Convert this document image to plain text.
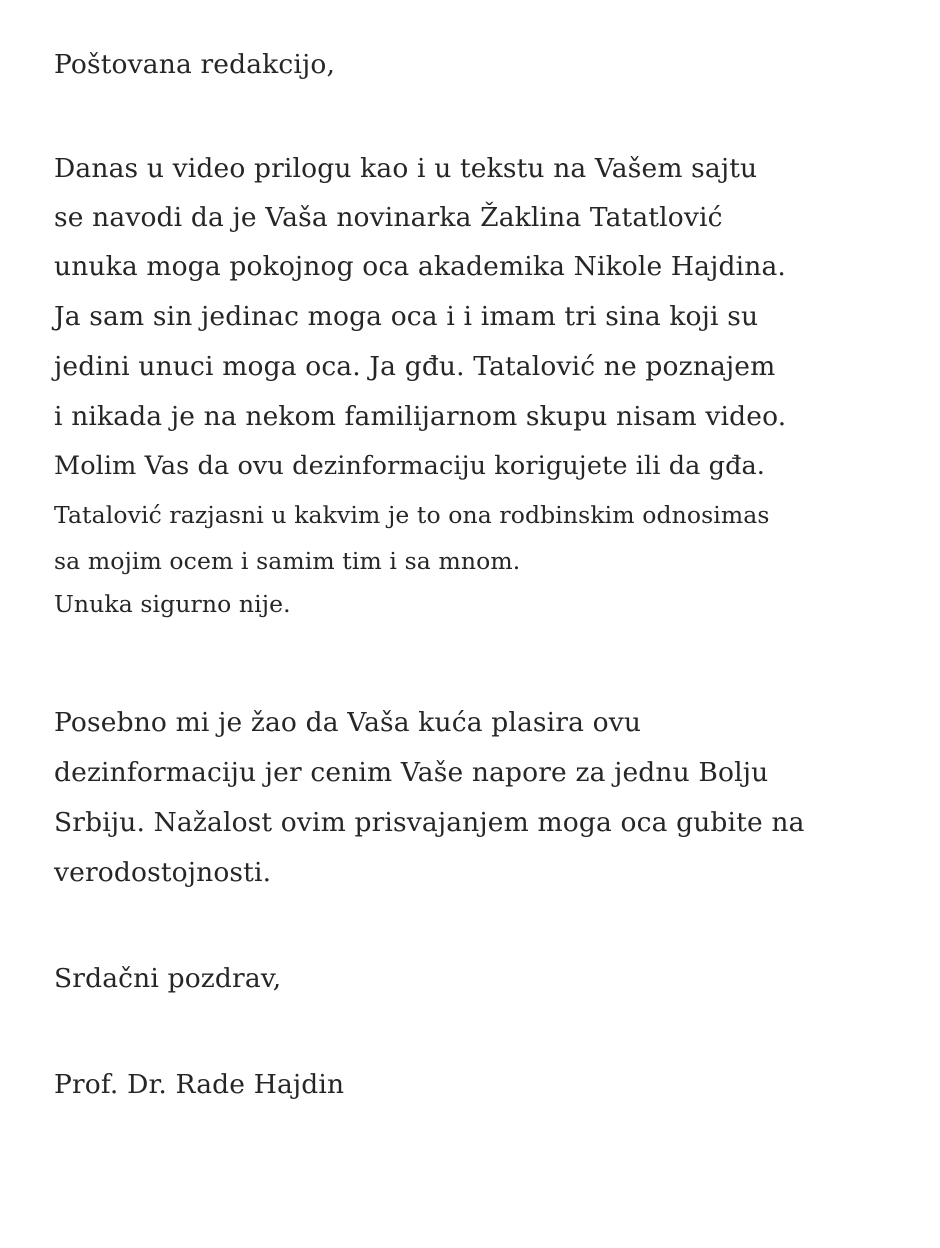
Poštovana redakcijo,
Danas u video prilogu kao i u tekstu na Vašem sajtu
se navodi da je Vaša novinarka Žaklina Tatatlović
unuka moga pokojnog oca akademika Nikole Hajdina.
Ja sam sin jedinac moga oca i i imam tri sina koji su
jedini unuci moga oca. Ja gđu. Tatalović ne poznajem
i nikada je na nekom familijarnom skupu nisam video.
Molim Vas da ovu dezinformaciju korigujete ili da gđa.
Tatalović razjasni u kakvim je to ona rodbinskim odnosimas
sa mojim ocem i samim tim i sa mnom.
Unuka sigurno nije.
Posebno mi je žao da Vaša kuća plasira ovu
dezinformaciju jer cenim Vaše napore za jednu Bolju
Srbiju. Nažalost ovim prisvajanjem moga oca gubite na
verodostojnosti.
Srdačni pozdrav,
Prof. Dr. Rade Hajdin
